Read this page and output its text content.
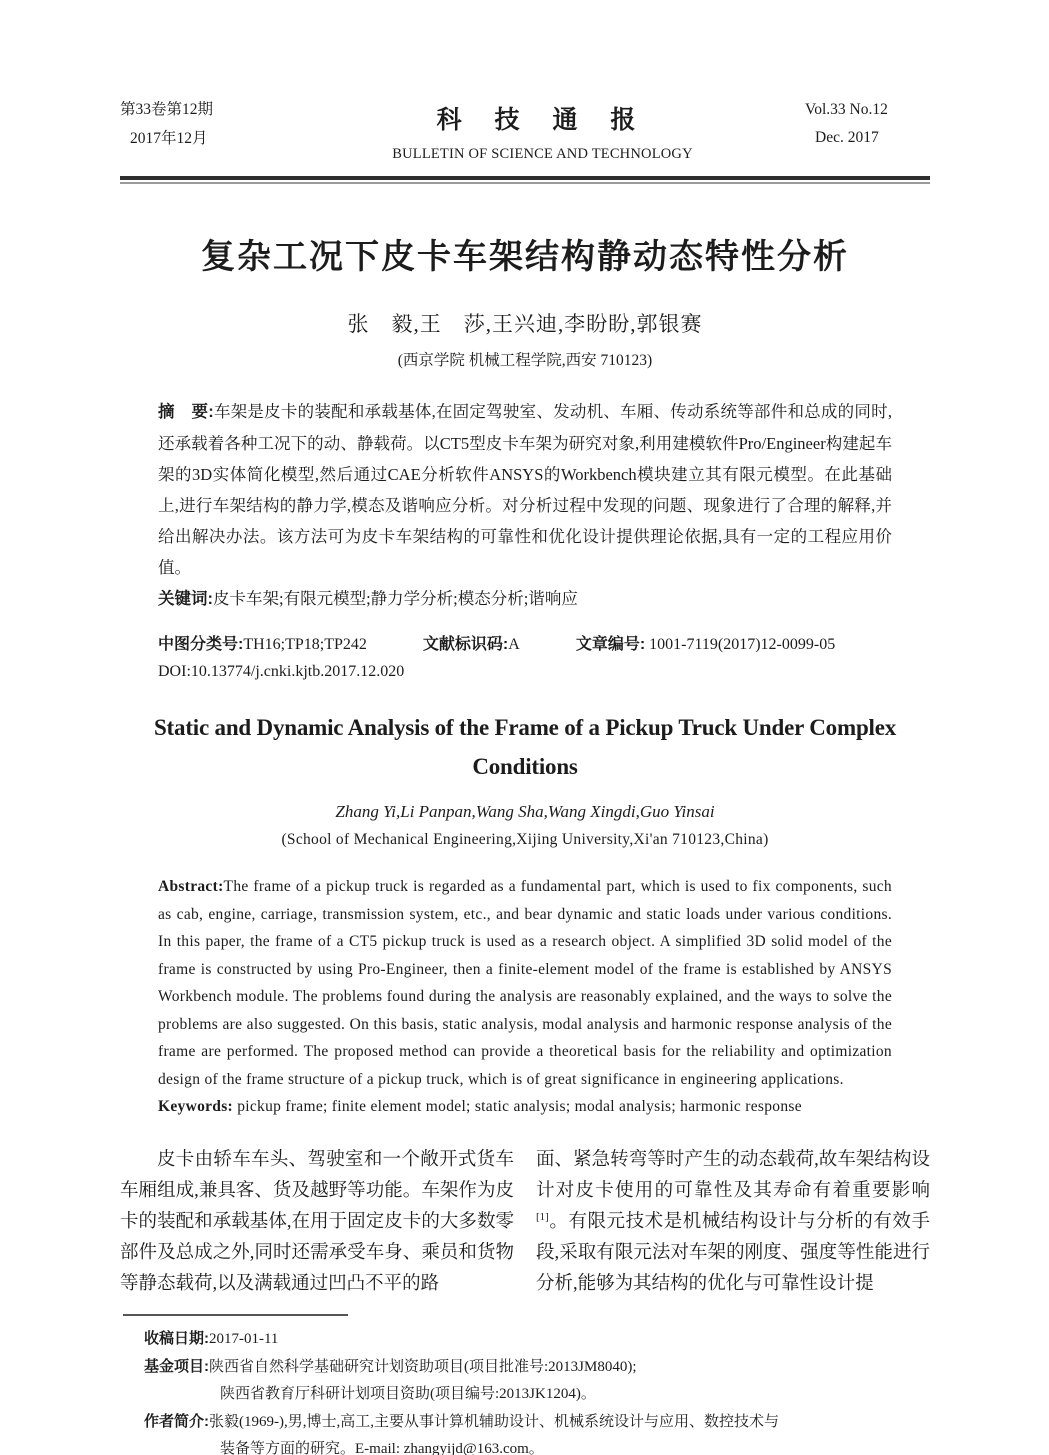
第33卷第12期
2017年12月
科 技 通 报
BULLETIN OF SCIENCE AND TECHNOLOGY
Vol.33 No.12
Dec. 2017
复杂工况下皮卡车架结构静动态特性分析
张　毅,王　莎,王兴迪,李盼盼,郭银赛
(西京学院 机械工程学院,西安 710123)

摘　要:车架是皮卡的装配和承载基体,在固定驾驶室、发动机、车厢、传动系统等部件和总成的同时,还承载着各种工况下的动、静载荷。以CT5型皮卡车架为研究对象,利用建模软件Pro/Engineer构建起车架的3D实体简化模型,然后通过CAE分析软件ANSYS的Workbench模块建立其有限元模型。在此基础上,进行车架结构的静力学,模态及谐响应分析。对分析过程中发现的问题、现象进行了合理的解释,并给出解决办法。该方法可为皮卡车架结构的可靠性和优化设计提供理论依据,具有一定的工程应用价值。

关键词:皮卡车架;有限元模型;静力学分析;模态分析;谐响应

中图分类号:TH16;TP18;TP242	文献标识码:A	文章编号: 1001-7119(2017)12-0099-05
DOI:10.13774/j.cnki.kjtb.2017.12.020
Static and Dynamic Analysis of the Frame of a Pickup Truck Under Complex Conditions
Zhang Yi,Li Panpan,Wang Sha,Wang Xingdi,Guo Yinsai
(School of Mechanical Engineering,Xijing University,Xi'an 710123,China)

Abstract:The frame of a pickup truck is regarded as a fundamental part, which is used to fix components, such as cab, engine, carriage, transmission system, etc., and bear dynamic and static loads under various conditions. In this paper, the frame of a CT5 pickup truck is used as a research object. A simplified 3D solid model of the frame is constructed by using Pro-Engineer, then a finite-element model of the frame is established by ANSYS Workbench module. The problems found during the analysis are reasonably explained, and the ways to solve the problems are also suggested. On this basis, static analysis, modal analysis and harmonic response analysis of the frame are performed. The proposed method can provide a theoretical basis for the reliability and optimization design of the frame structure of a pickup truck, which is of great significance in engineering applications.

Keywords: pickup frame; finite element model; static analysis; modal analysis; harmonic response

皮卡由轿车车头、驾驶室和一个敞开式货车车厢组成,兼具客、货及越野等功能。车架作为皮卡的装配和承载基体,在用于固定皮卡的大多数零部件及总成之外,同时还需承受车身、乘员和货物等静态载荷,以及满载通过凹凸不平的路

面、紧急转弯等时产生的动态载荷,故车架结构设计对皮卡使用的可靠性及其寿命有着重要影响[1]。有限元技术是机械结构设计与分析的有效手段,采取有限元法对车架的刚度、强度等性能进行分析,能够为其结构的优化与可靠性设计提

收稿日期:2017-01-11
基金项目:陕西省自然科学基础研究计划资助项目(项目批准号:2013JM8040);
陕西省教育厅科研计划项目资助(项目编号:2013JK1204)。
作者简介:张毅(1969-),男,博士,高工,主要从事计算机辅助设计、机械系统设计与应用、数控技术与
装备等方面的研究。E-mail: zhangyijd@163.com。
